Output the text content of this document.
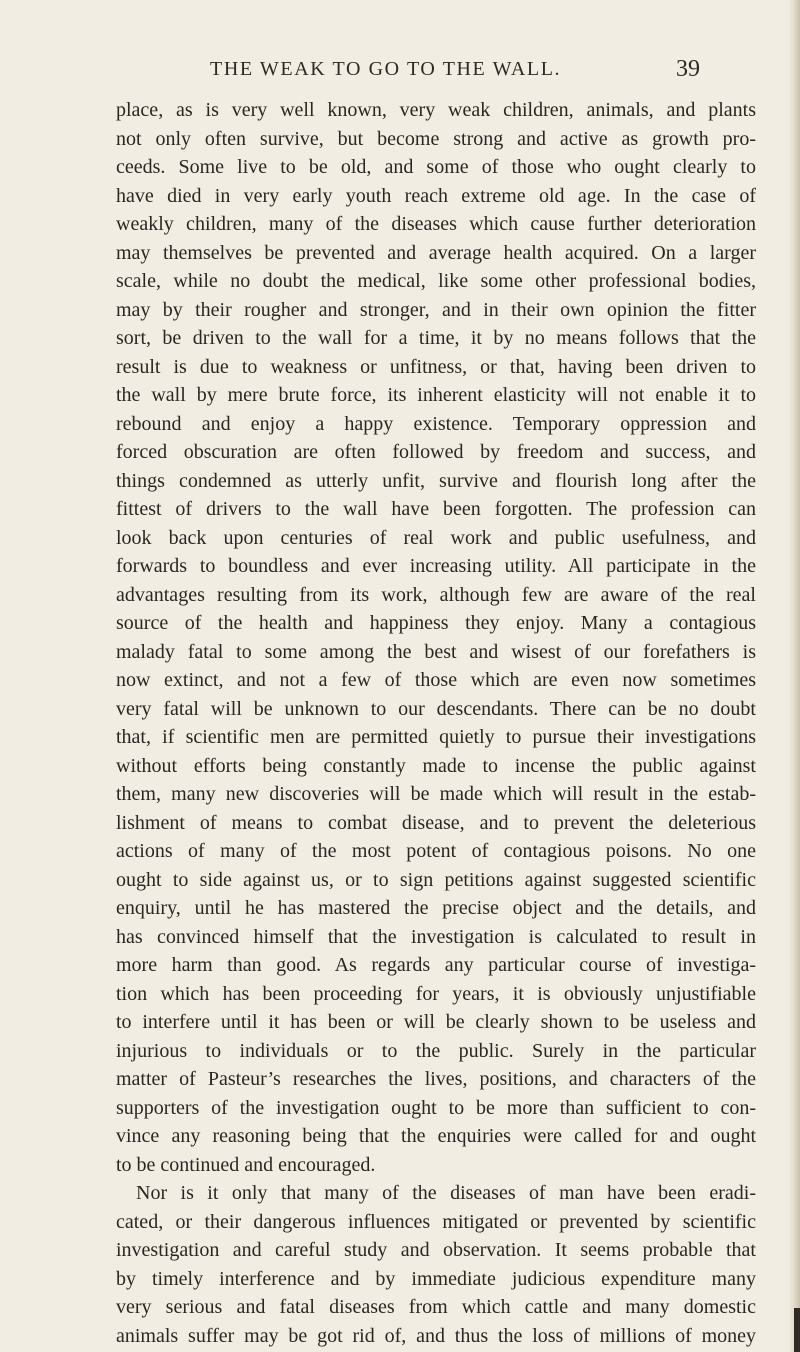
THE WEAK TO GO TO THE WALL.	39
place, as is very well known, very weak children, animals, and plants
not only often survive, but become strong and active as growth pro-
ceeds. Some live to be old, and some of those who ought clearly to
have died in very early youth reach extreme old age. In the case of
weakly children, many of the diseases which cause further deterioration
may themselves be prevented and average health acquired. On a larger
scale, while no doubt the medical, like some other professional bodies,
may by their rougher and stronger, and in their own opinion the fitter
sort, be driven to the wall for a time, it by no means follows that the
result is due to weakness or unfitness, or that, having been driven to
the wall by mere brute force, its inherent elasticity will not enable it to
rebound and enjoy a happy existence. Temporary oppression and
forced obscuration are often followed by freedom and success, and
things condemned as utterly unfit, survive and flourish long after the
fittest of drivers to the wall have been forgotten. The profession can
look back upon centuries of real work and public usefulness, and
forwards to boundless and ever increasing utility. All participate in the
advantages resulting from its work, although few are aware of the real
source of the health and happiness they enjoy. Many a contagious
malady fatal to some among the best and wisest of our forefathers is
now extinct, and not a few of those which are even now sometimes
very fatal will be unknown to our descendants. There can be no doubt
that, if scientific men are permitted quietly to pursue their investigations
without efforts being constantly made to incense the public against
them, many new discoveries will be made which will result in the estab-
lishment of means to combat disease, and to prevent the deleterious
actions of many of the most potent of contagious poisons. No one
ought to side against us, or to sign petitions against suggested scientific
enquiry, until he has mastered the precise object and the details, and
has convinced himself that the investigation is calculated to result in
more harm than good. As regards any particular course of investiga-
tion which has been proceeding for years, it is obviously unjustifiable
to interfere until it has been or will be clearly shown to be useless and
injurious to individuals or to the public. Surely in the particular
matter of Pasteur’s researches the lives, positions, and characters of the
supporters of the investigation ought to be more than sufficient to con-
vince any reasoning being that the enquiries were called for and ought
to be continued and encouraged.
Nor is it only that many of the diseases of man have been eradi-
cated, or their dangerous influences mitigated or prevented by scientific
investigation and careful study and observation. It seems probable that
by timely interference and by immediate judicious expenditure many
very serious and fatal diseases from which cattle and many domestic
animals suffer may be got rid of, and thus the loss of millions of money
